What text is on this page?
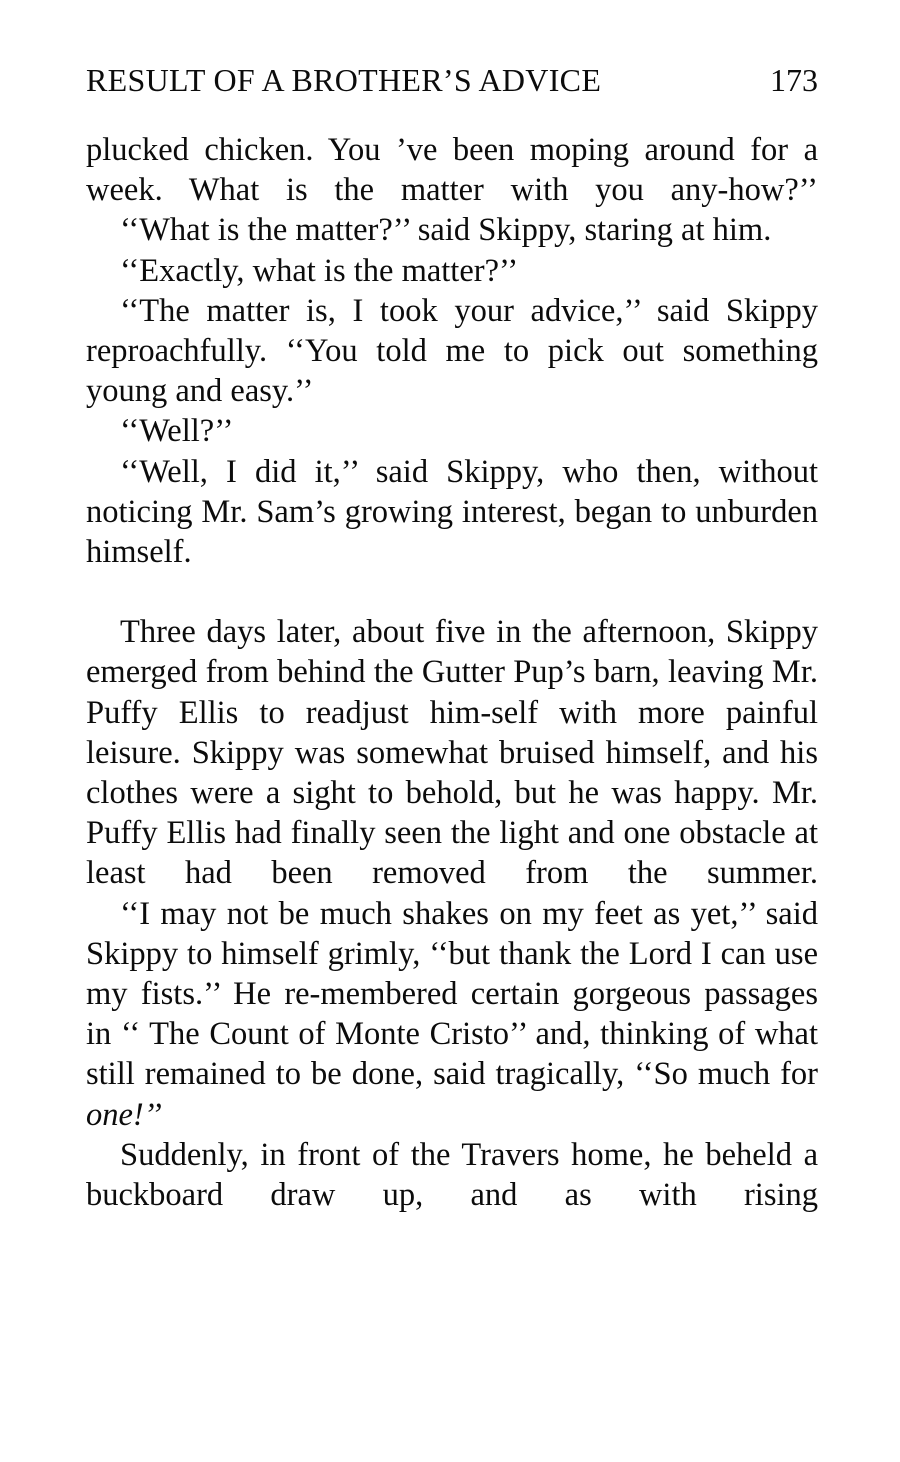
RESULT OF A BROTHER’S ADVICE	173

plucked chicken. You ’ve been moping around for a week. What is the matter with you any-how?’’

‘‘What is the matter?’’ said Skippy, staring at him.

‘‘Exactly, what is the matter?’’

‘‘The matter is, I took your advice,’’ said Skippy reproachfully. ‘‘You told me to pick out something young and easy.’’

‘‘Well?’’

‘‘Well, I did it,’’ said Skippy, who then, without noticing Mr. Sam’s growing interest, began to unburden himself.

Three days later, about five in the afternoon, Skippy emerged from behind the Gutter Pup’s barn, leaving Mr. Puffy Ellis to readjust him-self with more painful leisure. Skippy was somewhat bruised himself, and his clothes were a sight to behold, but he was happy. Mr. Puffy Ellis had finally seen the light and one obstacle at least had been removed from the summer.

‘‘I may not be much shakes on my feet as yet,’’ said Skippy to himself grimly, ‘‘but thank the Lord I can use my fists.’’ He re-membered certain gorgeous passages in ‘‘ The Count of Monte Cristo’’ and, thinking of what still remained to be done, said tragically, ‘‘So much for one!’’

Suddenly, in front of the Travers home, he beheld a buckboard draw up, and as with rising
